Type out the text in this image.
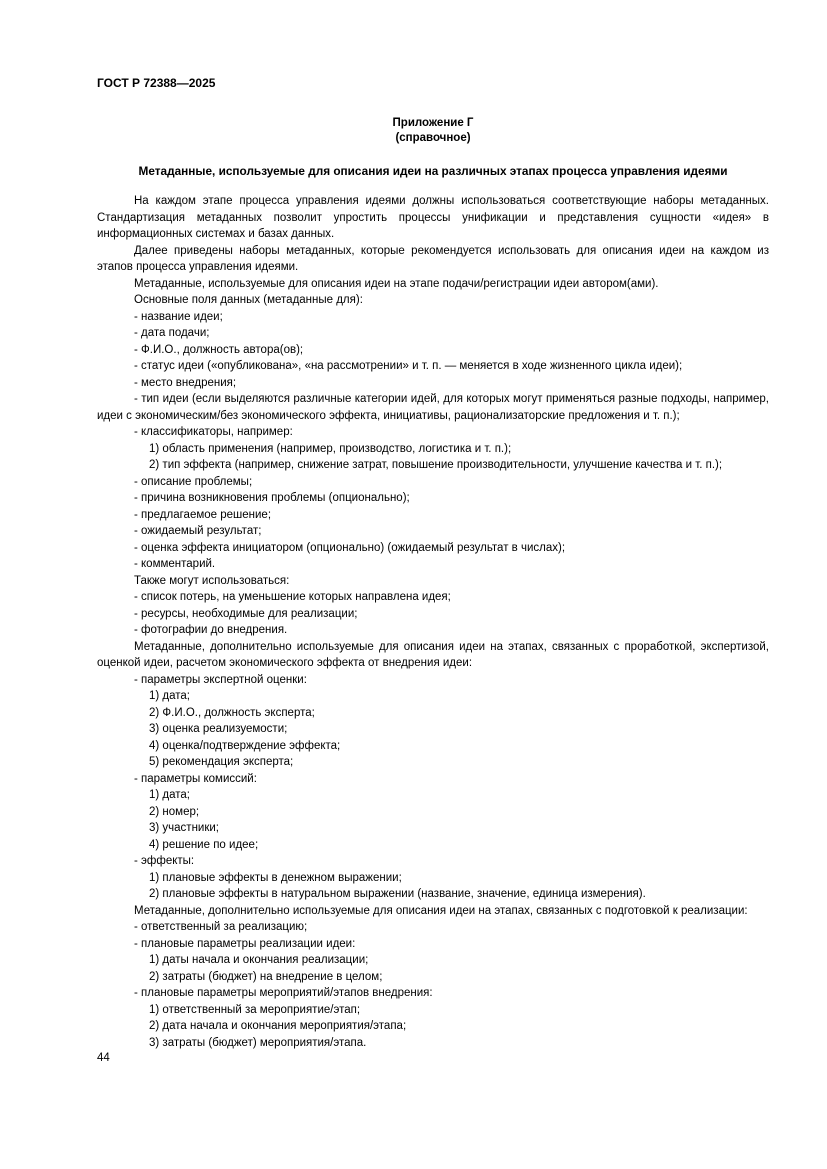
ГОСТ Р 72388—2025
Приложение Г
(справочное)
Метаданные, используемые для описания идеи на различных этапах процесса управления идеями

На каждом этапе процесса управления идеями должны использоваться соответствующие наборы метаданных. Стандартизация метаданных позволит упростить процессы унификации и представления сущности «идея» в информационных системах и базах данных.

Далее приведены наборы метаданных, которые рекомендуется использовать для описания идеи на каждом из этапов процесса управления идеями.

Метаданные, используемые для описания идеи на этапе подачи/регистрации идеи автором(ами).

Основные поля данных (метаданные для):

- название идеи;

- дата подачи;

- Ф.И.О., должность автора(ов);

- статус идеи («опубликована», «на рассмотрении» и т. п. — меняется в ходе жизненного цикла идеи);

- место внедрения;

- тип идеи (если выделяются различные категории идей, для которых могут применяться разные подходы, например, идеи с экономическим/без экономического эффекта, инициативы, рационализаторские предложения и т. п.);

- классификаторы, например:

1) область применения (например, производство, логистика и т. п.);

2) тип эффекта (например, снижение затрат, повышение производительности, улучшение качества и т. п.);

- описание проблемы;

- причина возникновения проблемы (опционально);

- предлагаемое решение;

- ожидаемый результат;

- оценка эффекта инициатором (опционально) (ожидаемый результат в числах);

- комментарий.

Также могут использоваться:

- список потерь, на уменьшение которых направлена идея;

- ресурсы, необходимые для реализации;

- фотографии до внедрения.

Метаданные, дополнительно используемые для описания идеи на этапах, связанных с проработкой, экспертизой, оценкой идеи, расчетом экономического эффекта от внедрения идеи:

- параметры экспертной оценки:

1) дата;

2) Ф.И.О., должность эксперта;

3) оценка реализуемости;

4) оценка/подтверждение эффекта;

5) рекомендация эксперта;

- параметры комиссий:

1) дата;

2) номер;

3) участники;

4) решение по идее;

- эффекты:

1) плановые эффекты в денежном выражении;

2) плановые эффекты в натуральном выражении (название, значение, единица измерения).

Метаданные, дополнительно используемые для описания идеи на этапах, связанных с подготовкой к реализации:

- ответственный за реализацию;

- плановые параметры реализации идеи:

1) даты начала и окончания реализации;

2) затраты (бюджет) на внедрение в целом;

- плановые параметры мероприятий/этапов внедрения:

1) ответственный за мероприятие/этап;

2) дата начала и окончания мероприятия/этапа;

3) затраты (бюджет) мероприятия/этапа.

44
